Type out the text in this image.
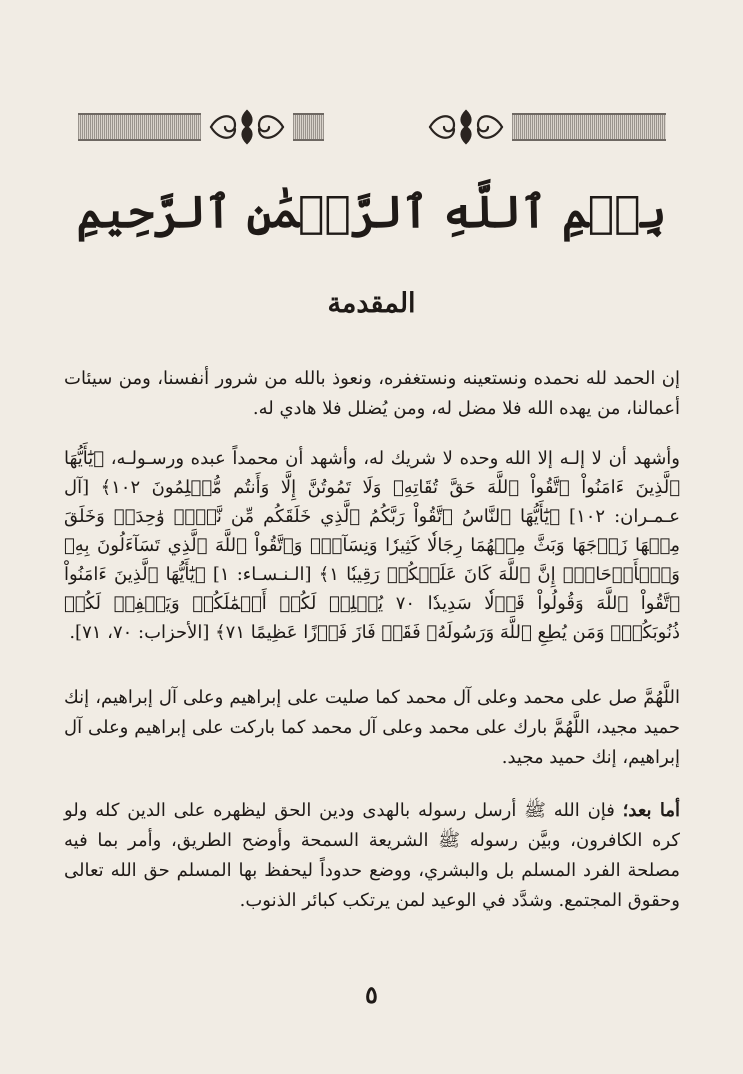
بِسۡمِ ٱللَّهِ ٱلرَّحۡمَٰنِ ٱلرَّحِيمِ
المقدمة

إن الحمد لله نحمده ونستعينه ونستغفره، ونعوذ بالله من شرور أنفسنا، ومن سيئات أعمالنا، من يهده الله فلا مضل له، ومن يُضلل فلا هادي له.

وأشهد أن لا إلـه إلا الله وحده لا شريك له، وأشهد أن محمداً عبده ورسـولـه، ﴿يَٰٓأَيُّهَا ٱلَّذِينَ ءَامَنُواْ ٱتَّقُواْ ٱللَّهَ حَقَّ تُقَاتِهِۦ وَلَا تَمُوتُنَّ إِلَّا وَأَنتُم مُّسۡلِمُونَ ١٠٢﴾ [آل عـمـران: ١٠٢] ﴿يَٰٓأَيُّهَا ٱلنَّاسُ ٱتَّقُواْ رَبَّكُمُ ٱلَّذِي خَلَقَكُم مِّن نَّفۡسٖ وَٰحِدَةٖ وَخَلَقَ مِنۡهَا زَوۡجَهَا وَبَثَّ مِنۡهُمَا رِجَالٗا كَثِيرٗا وَنِسَآءٗۚ وَٱتَّقُواْ ٱللَّهَ ٱلَّذِي تَسَآءَلُونَ بِهِۦ وَٱلۡأَرۡحَامَۚ إِنَّ ٱللَّهَ كَانَ عَلَيۡكُمۡ رَقِيبٗا ١﴾ [الـنـسـاء: ١] ﴿يَٰٓأَيُّهَا ٱلَّذِينَ ءَامَنُواْ ٱتَّقُواْ ٱللَّهَ وَقُولُواْ قَوۡلٗا سَدِيدٗا ٧٠ يُصۡلِحۡ لَكُمۡ أَعۡمَٰلَكُمۡ وَيَغۡفِرۡ لَكُمۡ ذُنُوبَكُمۡۗ وَمَن يُطِعِ ٱللَّهَ وَرَسُولَهُۥ فَقَدۡ فَازَ فَوۡزًا عَظِيمًا ٧١﴾ [الأحزاب: ٧٠، ٧١].

اللَّهُمَّ صل على محمد وعلى آل محمد كما صليت على إبراهيم وعلى آل إبراهيم، إنك حميد مجيد، اللَّهُمَّ بارك على محمد وعلى آل محمد كما باركت على إبراهيم وعلى آل إبراهيم، إنك حميد مجيد.

أما بعد؛ فإن الله ﷺ أرسل رسوله بالهدى ودين الحق ليظهره على الدين كله ولو كره الكافرون، وبيَّن رسوله ﷺ الشريعة السمحة وأوضح الطريق، وأمر بما فيه مصلحة الفرد المسلم بل والبشري، ووضع حدوداً ليحفظ بها المسلم حق الله تعالى وحقوق المجتمع. وشدَّد في الوعيد لمن يرتكب كبائر الذنوب.

٥
